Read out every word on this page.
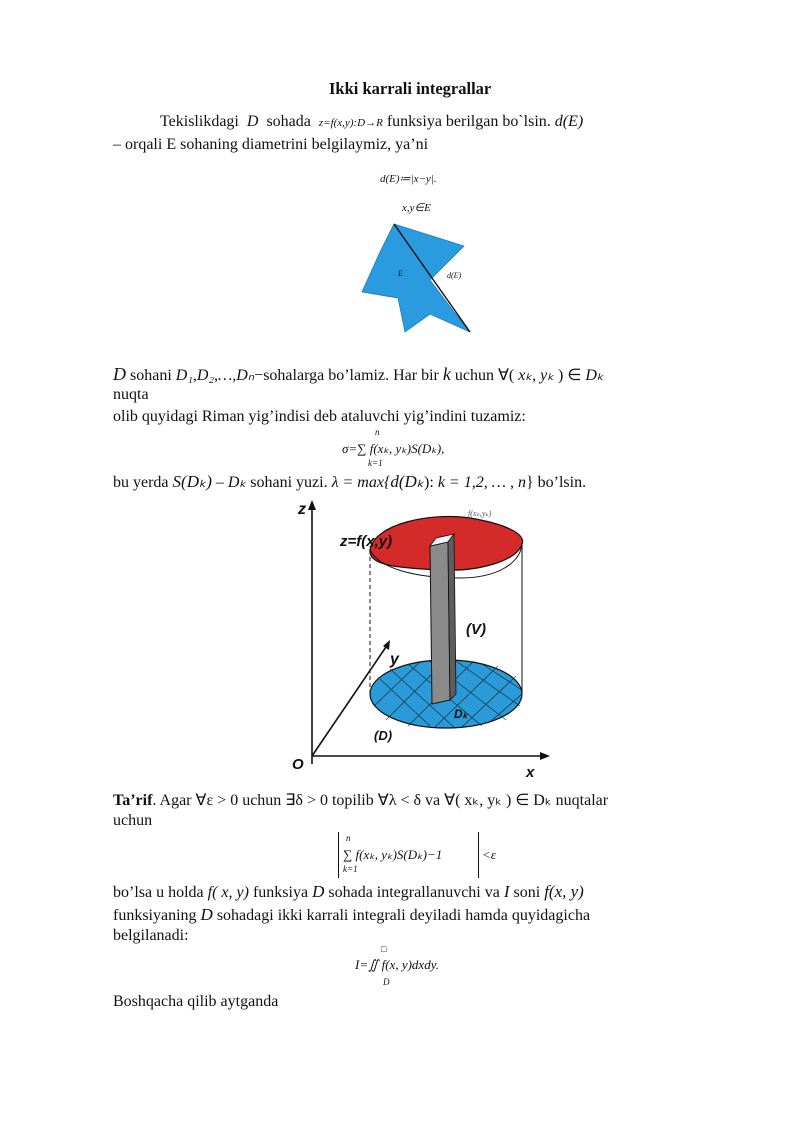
Ikki karrali integrallar
Tekislikdagi D sohada z=f(x,y):D→R funksiya berilgan bo`lsin. d(E)
– orqali E sohaning diametrini belgilaymiz, ya’ni
d(E)≔|x−y|.
x,y∈E
E	d(E)
D sohani D₁,D₂,…,Dₙ−sohalarga bo’lamiz. Har bir k uchun ∀( xₖ, yₖ ) ∈ Dₖ
nuqta
olib quyidagi Riman yig’indisi deb ataluvchi yig’indini tuzamiz:
n
σ=∑ f(xₖ, yₖ)S(Dₖ),
k=1
bu yerda S(Dₖ) – Dₖ sohani yuzi. λ = max{d(Dₖ): k = 1,2, … , n} bo’lsin.
z
y
x
O
z=f(x,y)
f(xₖ,yₖ)
(V)
(D)
Dₖ
Ta’rif. Agar ∀ε > 0 uchun ∃δ > 0 topilib ∀λ < δ va ∀( xₖ, yₖ ) ∈ Dₖ nuqtalar
uchun
n
∑ f(xₖ, yₖ)S(Dₖ)−1	<ε
k=1
bo’lsa u holda f( x, y) funksiya D sohada integrallanuvchi va I soni f(x, y)
funksiyaning D sohadagi ikki karrali integrali deyiladi hamda quyidagicha
belgilanadi:
□
I=∬ f(x, y)dxdy.
D
Boshqacha qilib aytganda
